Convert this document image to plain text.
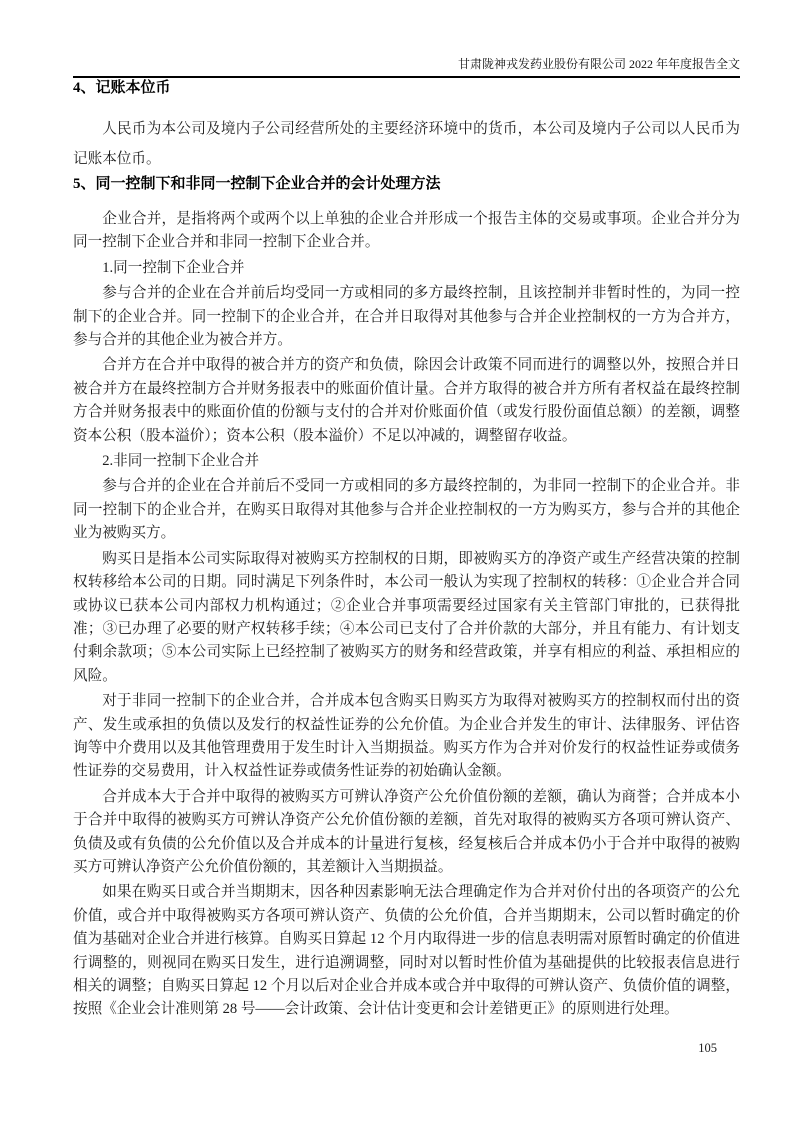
甘肃陇神戎发药业股份有限公司 2022 年年度报告全文
4、记账本位币

人民币为本公司及境内子公司经营所处的主要经济环境中的货币，本公司及境内子公司以人民币为记账本位币。

5、同一控制下和非同一控制下企业合并的会计处理方法

企业合并，是指将两个或两个以上单独的企业合并形成一个报告主体的交易或事项。企业合并分为同一控制下企业合并和非同一控制下企业合并。

1.同一控制下企业合并

参与合并的企业在合并前后均受同一方或相同的多方最终控制，且该控制并非暂时性的，为同一控制下的企业合并。同一控制下的企业合并，在合并日取得对其他参与合并企业控制权的一方为合并方，参与合并的其他企业为被合并方。

合并方在合并中取得的被合并方的资产和负债，除因会计政策不同而进行的调整以外，按照合并日被合并方在最终控制方合并财务报表中的账面价值计量。合并方取得的被合并方所有者权益在最终控制方合并财务报表中的账面价值的份额与支付的合并对价账面价值（或发行股份面值总额）的差额，调整资本公积（股本溢价）；资本公积（股本溢价）不足以冲减的，调整留存收益。

2.非同一控制下企业合并

参与合并的企业在合并前后不受同一方或相同的多方最终控制的，为非同一控制下的企业合并。非同一控制下的企业合并，在购买日取得对其他参与合并企业控制权的一方为购买方，参与合并的其他企业为被购买方。

购买日是指本公司实际取得对被购买方控制权的日期，即被购买方的净资产或生产经营决策的控制权转移给本公司的日期。同时满足下列条件时，本公司一般认为实现了控制权的转移：①企业合并合同或协议已获本公司内部权力机构通过；②企业合并事项需要经过国家有关主管部门审批的，已获得批准；③已办理了必要的财产权转移手续；④本公司已支付了合并价款的大部分，并且有能力、有计划支付剩余款项；⑤本公司实际上已经控制了被购买方的财务和经营政策，并享有相应的利益、承担相应的风险。

对于非同一控制下的企业合并，合并成本包含购买日购买方为取得对被购买方的控制权而付出的资产、发生或承担的负债以及发行的权益性证券的公允价值。为企业合并发生的审计、法律服务、评估咨询等中介费用以及其他管理费用于发生时计入当期损益。购买方作为合并对价发行的权益性证券或债务性证券的交易费用，计入权益性证券或债务性证券的初始确认金额。

合并成本大于合并中取得的被购买方可辨认净资产公允价值份额的差额，确认为商誉；合并成本小于合并中取得的被购买方可辨认净资产公允价值份额的差额，首先对取得的被购买方各项可辨认资产、负债及或有负债的公允价值以及合并成本的计量进行复核，经复核后合并成本仍小于合并中取得的被购买方可辨认净资产公允价值份额的，其差额计入当期损益。

如果在购买日或合并当期期末，因各种因素影响无法合理确定作为合并对价付出的各项资产的公允价值，或合并中取得被购买方各项可辨认资产、负债的公允价值，合并当期期末，公司以暂时确定的价值为基础对企业合并进行核算。自购买日算起 12 个月内取得进一步的信息表明需对原暂时确定的价值进行调整的，则视同在购买日发生，进行追溯调整，同时对以暂时性价值为基础提供的比较报表信息进行相关的调整；自购买日算起 12 个月以后对企业合并成本或合并中取得的可辨认资产、负债价值的调整，按照《企业会计准则第 28 号——会计政策、会计估计变更和会计差错更正》的原则进行处理。

105
